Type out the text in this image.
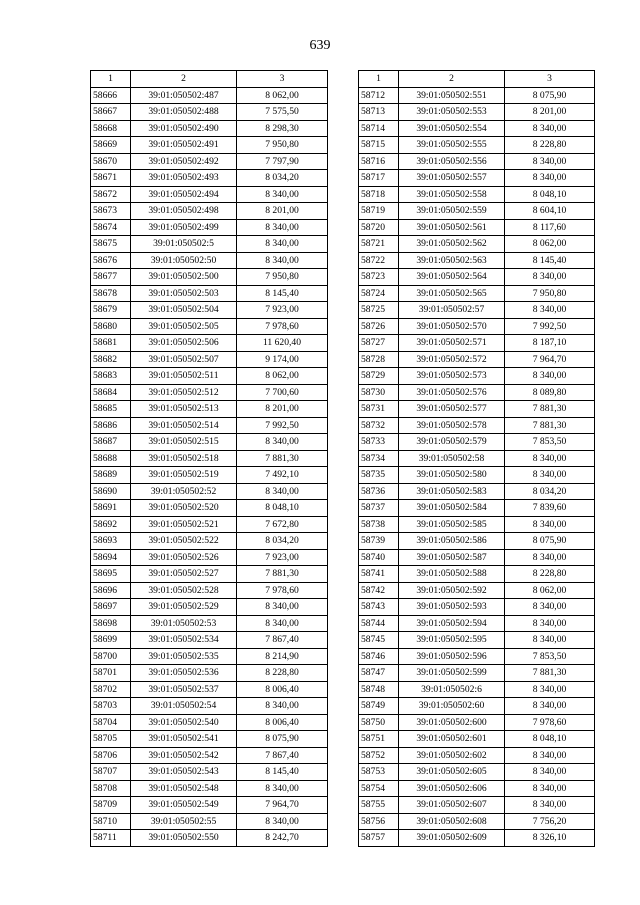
639
1	2	3
58666	39:01:050502:487	8 062,00
58667	39:01:050502:488	7 575,50
58668	39:01:050502:490	8 298,30
58669	39:01:050502:491	7 950,80
58670	39:01:050502:492	7 797,90
58671	39:01:050502:493	8 034,20
58672	39:01:050502:494	8 340,00
58673	39:01:050502:498	8 201,00
58674	39:01:050502:499	8 340,00
58675	39:01:050502:5	8 340,00
58676	39:01:050502:50	8 340,00
58677	39:01:050502:500	7 950,80
58678	39:01:050502:503	8 145,40
58679	39:01:050502:504	7 923,00
58680	39:01:050502:505	7 978,60
58681	39:01:050502:506	11 620,40
58682	39:01:050502:507	9 174,00
58683	39:01:050502:511	8 062,00
58684	39:01:050502:512	7 700,60
58685	39:01:050502:513	8 201,00
58686	39:01:050502:514	7 992,50
58687	39:01:050502:515	8 340,00
58688	39:01:050502:518	7 881,30
58689	39:01:050502:519	7 492,10
58690	39:01:050502:52	8 340,00
58691	39:01:050502:520	8 048,10
58692	39:01:050502:521	7 672,80
58693	39:01:050502:522	8 034,20
58694	39:01:050502:526	7 923,00
58695	39:01:050502:527	7 881,30
58696	39:01:050502:528	7 978,60
58697	39:01:050502:529	8 340,00
58698	39:01:050502:53	8 340,00
58699	39:01:050502:534	7 867,40
58700	39:01:050502:535	8 214,90
58701	39:01:050502:536	8 228,80
58702	39:01:050502:537	8 006,40
58703	39:01:050502:54	8 340,00
58704	39:01:050502:540	8 006,40
58705	39:01:050502:541	8 075,90
58706	39:01:050502:542	7 867,40
58707	39:01:050502:543	8 145,40
58708	39:01:050502:548	8 340,00
58709	39:01:050502:549	7 964,70
58710	39:01:050502:55	8 340,00
58711	39:01:050502:550	8 242,70
1	2	3
58712	39:01:050502:551	8 075,90
58713	39:01:050502:553	8 201,00
58714	39:01:050502:554	8 340,00
58715	39:01:050502:555	8 228,80
58716	39:01:050502:556	8 340,00
58717	39:01:050502:557	8 340,00
58718	39:01:050502:558	8 048,10
58719	39:01:050502:559	8 604,10
58720	39:01:050502:561	8 117,60
58721	39:01:050502:562	8 062,00
58722	39:01:050502:563	8 145,40
58723	39:01:050502:564	8 340,00
58724	39:01:050502:565	7 950,80
58725	39:01:050502:57	8 340,00
58726	39:01:050502:570	7 992,50
58727	39:01:050502:571	8 187,10
58728	39:01:050502:572	7 964,70
58729	39:01:050502:573	8 340,00
58730	39:01:050502:576	8 089,80
58731	39:01:050502:577	7 881,30
58732	39:01:050502:578	7 881,30
58733	39:01:050502:579	7 853,50
58734	39:01:050502:58	8 340,00
58735	39:01:050502:580	8 340,00
58736	39:01:050502:583	8 034,20
58737	39:01:050502:584	7 839,60
58738	39:01:050502:585	8 340,00
58739	39:01:050502:586	8 075,90
58740	39:01:050502:587	8 340,00
58741	39:01:050502:588	8 228,80
58742	39:01:050502:592	8 062,00
58743	39:01:050502:593	8 340,00
58744	39:01:050502:594	8 340,00
58745	39:01:050502:595	8 340,00
58746	39:01:050502:596	7 853,50
58747	39:01:050502:599	7 881,30
58748	39:01:050502:6	8 340,00
58749	39:01:050502:60	8 340,00
58750	39:01:050502:600	7 978,60
58751	39:01:050502:601	8 048,10
58752	39:01:050502:602	8 340,00
58753	39:01:050502:605	8 340,00
58754	39:01:050502:606	8 340,00
58755	39:01:050502:607	8 340,00
58756	39:01:050502:608	7 756,20
58757	39:01:050502:609	8 326,10
